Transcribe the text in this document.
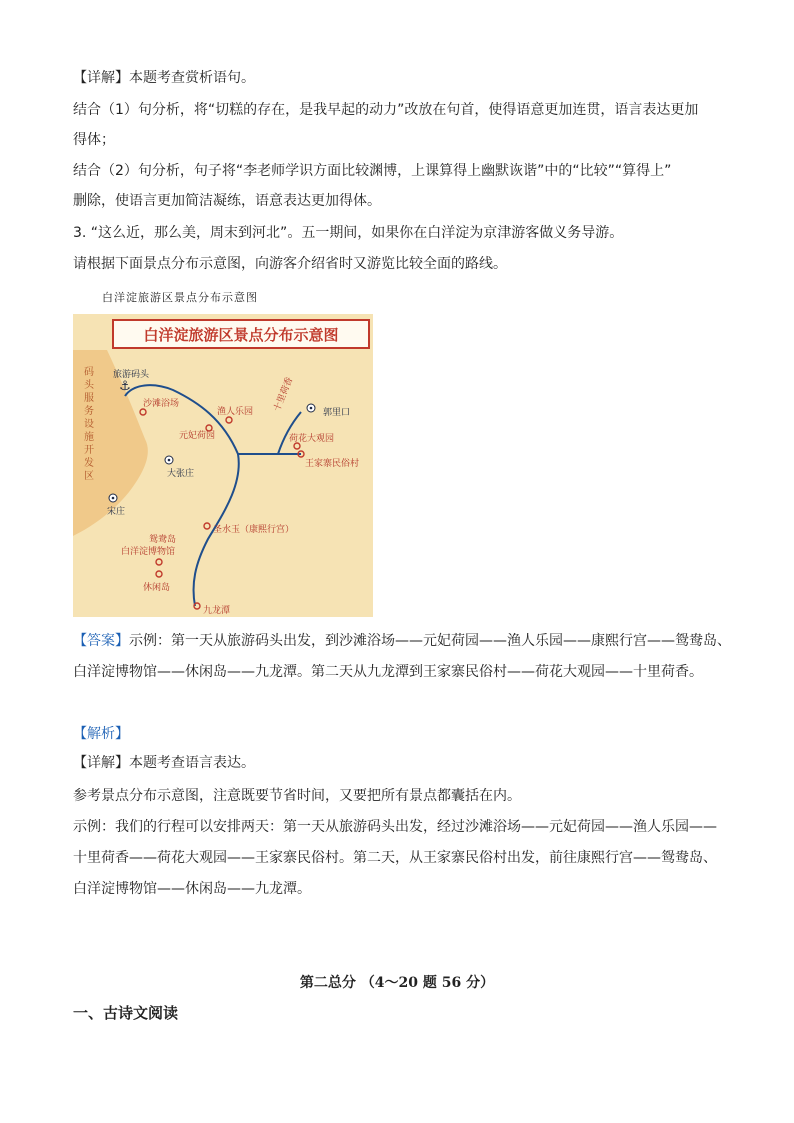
【详解】本题考查赏析语句。
结合（1）句分析，将“切糕的存在，是我早起的动力”改放在句首，使得语意更加连贯，语言表达更加
得体；
结合（2）句分析，句子将“李老师学识方面比较渊博，上课算得上幽默诙谐”中的“比较”“算得上”
删除，使语言更加简洁凝练，语意表达更加得体。
3. “这么近，那么美，周末到河北”。五一期间，如果你在白洋淀为京津游客做义务导游。
请根据下面景点分布示意图，向游客介绍省时又游览比较全面的路线。
白洋淀旅游区景点分布示意图
白洋淀旅游区景点分布示意图
码头服务设施开发区 ⚓
旅游码头
沙滩浴场
渔人乐园
元妃荷园
十里荷香	郭里口
荷花大观园
王家寨民俗村
大张庄
宋庄
圣水玉（康熙行宫）
鸳鸯岛
白洋淀博物馆
休闲岛
九龙潭
【答案】示例：第一天从旅游码头出发，到沙滩浴场——元妃荷园——渔人乐园——康熙行宫——鸳鸯岛、
白洋淀博物馆——休闲岛——九龙潭。第二天从九龙潭到王家寨民俗村——荷花大观园——十里荷香。
【解析】
【详解】本题考查语言表达。
参考景点分布示意图，注意既要节省时间，又要把所有景点都囊括在内。
示例：我们的行程可以安排两天：第一天从旅游码头出发，经过沙滩浴场——元妃荷园——渔人乐园——
十里荷香——荷花大观园——王家寨民俗村。第二天，从王家寨民俗村出发，前往康熙行宫——鸳鸯岛、
白洋淀博物馆——休闲岛——九龙潭。
第二总分 （4～20 题 56 分）
一、古诗文阅读
